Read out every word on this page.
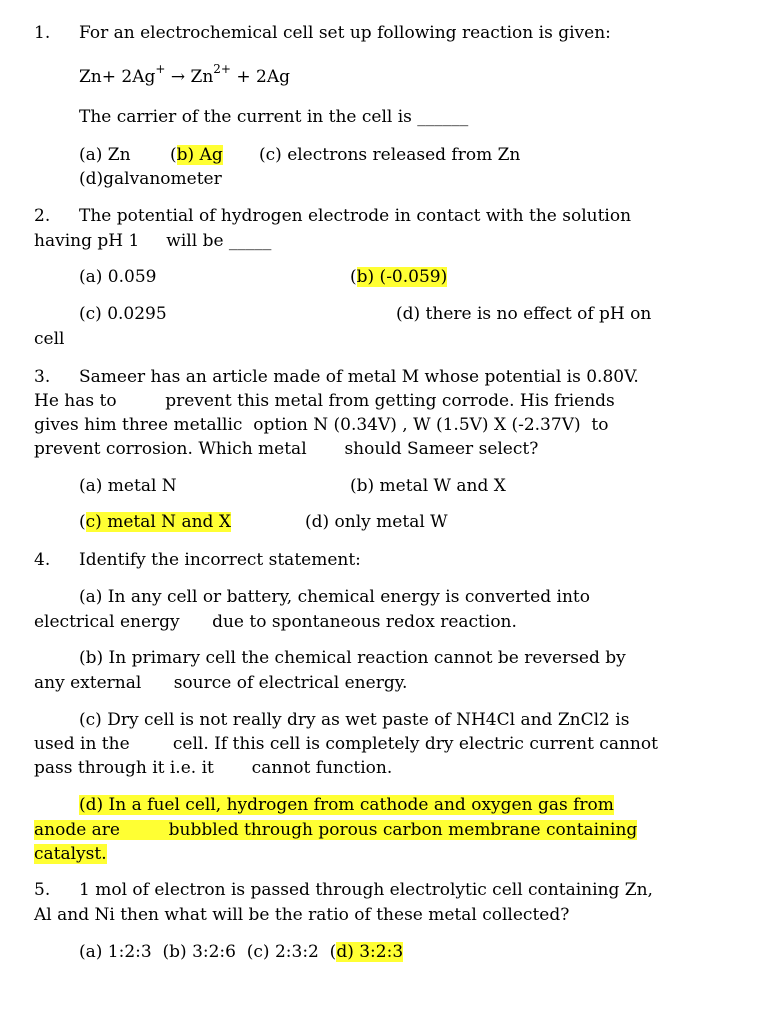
1. For an electrochemical cell set up following reaction is given:
$Zn+ 2Ag^+ \to Zn^{2+} + 2Ag$
The carrier of the current in the cell is ______
(a) Zn (b) Ag (c) electrons released from Zn
(d)galvanometer
2. The potential of hydrogen electrode in contact with the solution
having pH 1     will be _____
(a) 0.059	(b) (-0.059)
(c) 0.0295	(d) there is no effect of pH on
cell
3. Sameer has an article made of metal M whose potential is 0.80V.
He has to         prevent this metal from getting corrode. His friends
gives him three metallic  option N (0.34V) , W (1.5V) X (-2.37V)  to
prevent corrosion. Which metal       should Sameer select?
(a) metal N	(b) metal W and X
(c) metal N and X	(d) only metal W
4. Identify the incorrect statement:
(a) In any cell or battery, chemical energy is converted into
electrical energy      due to spontaneous redox reaction.
(b) In primary cell the chemical reaction cannot be reversed by
any external      source of electrical energy.
(c) Dry cell is not really dry as wet paste of NH4Cl and ZnCl2 is
used in the        cell. If this cell is completely dry electric current cannot
pass through it i.e. it       cannot function.
(d) In a fuel cell, hydrogen from cathode and oxygen gas from
anode are         bubbled through porous carbon membrane containing
catalyst.
5. 1 mol of electron is passed through electrolytic cell containing Zn,
Al and Ni then what will be the ratio of these metal collected?
(a) 1:2:3  (b) 3:2:6  (c) 2:3:2  (d) 3:2:3
